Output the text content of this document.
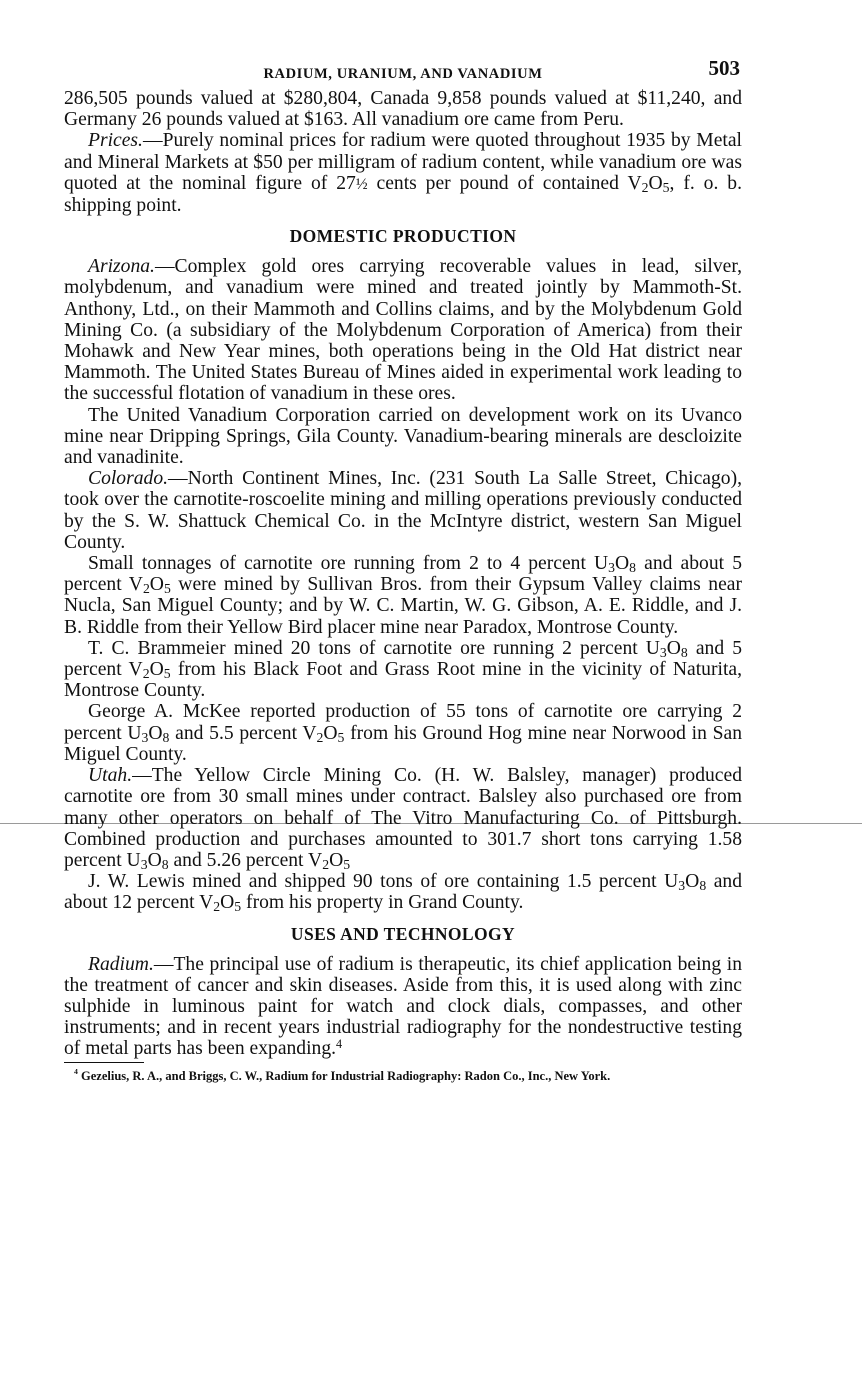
RADIUM, URANIUM, AND VANADIUM	503

286,505 pounds valued at $280,804, Canada 9,858 pounds valued at $11,240, and Germany 26 pounds valued at $163. All vanadium ore came from Peru.

Prices.—Purely nominal prices for radium were quoted throughout 1935 by Metal and Mineral Markets at $50 per milligram of radium content, while vanadium ore was quoted at the nominal figure of 27½ cents per pound of contained $V_2O_5$, f. o. b. shipping point.

DOMESTIC PRODUCTION

Arizona.—Complex gold ores carrying recoverable values in lead, silver, molybdenum, and vanadium were mined and treated jointly by Mammoth-St. Anthony, Ltd., on their Mammoth and Collins claims, and by the Molybdenum Gold Mining Co. (a subsidiary of the Molybdenum Corporation of America) from their Mohawk and New Year mines, both operations being in the Old Hat district near Mammoth. The United States Bureau of Mines aided in experimental work leading to the successful flotation of vanadium in these ores.

The United Vanadium Corporation carried on development work on its Uvanco mine near Dripping Springs, Gila County. Vanadium-bearing minerals are descloizite and vanadinite.

Colorado.—North Continent Mines, Inc. (231 South La Salle Street, Chicago), took over the carnotite-roscoelite mining and milling operations previously conducted by the S. W. Shattuck Chemical Co. in the McIntyre district, western San Miguel County.

Small tonnages of carnotite ore running from 2 to 4 percent $U_3O_8$ and about 5 percent $V_2O_5$ were mined by Sullivan Bros. from their Gypsum Valley claims near Nucla, San Miguel County; and by W. C. Martin, W. G. Gibson, A. E. Riddle, and J. B. Riddle from their Yellow Bird placer mine near Paradox, Montrose County.

T. C. Brammeier mined 20 tons of carnotite ore running 2 percent $U_3O_8$ and 5 percent $V_2O_5$ from his Black Foot and Grass Root mine in the vicinity of Naturita, Montrose County.

George A. McKee reported production of 55 tons of carnotite ore carrying 2 percent $U_3O_8$ and 5.5 percent $V_2O_5$ from his Ground Hog mine near Norwood in San Miguel County.

Utah.—The Yellow Circle Mining Co. (H. W. Balsley, manager) produced carnotite ore from 30 small mines under contract. Balsley also purchased ore from many other operators on behalf of The Vitro Manufacturing Co. of Pittsburgh. Combined production and purchases amounted to 301.7 short tons carrying 1.58 percent $U_3O_8$ and 5.26 percent $V_2O_5$

J. W. Lewis mined and shipped 90 tons of ore containing 1.5 percent $U_3O_8$ and about 12 percent $V_2O_5$ from his property in Grand County.

USES AND TECHNOLOGY

Radium.—The principal use of radium is therapeutic, its chief application being in the treatment of cancer and skin diseases. Aside from this, it is used along with zinc sulphide in luminous paint for watch and clock dials, compasses, and other instruments; and in recent years industrial radiography for the nondestructive testing of metal parts has been expanding.$^4$

$^4$ Gezelius, R. A., and Briggs, C. W., Radium for Industrial Radiography: Radon Co., Inc., New York.
